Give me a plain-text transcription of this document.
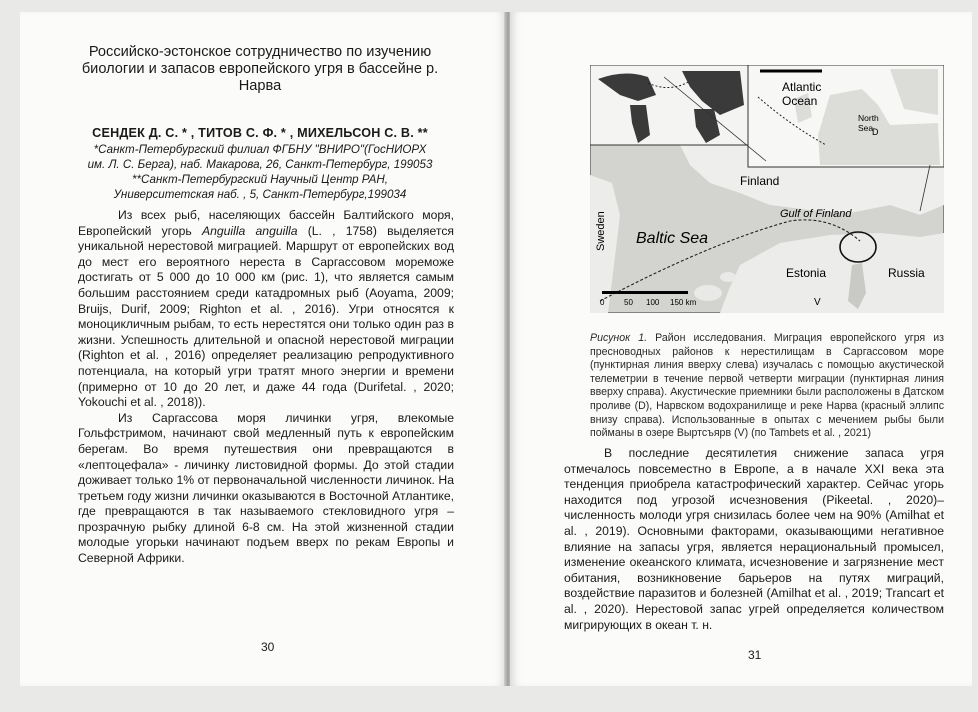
Российско-эстонское сотрудничество по изучению биологии и запасов европейского угря в бассейне р. Нарва
СЕНДЕК Д. С. * , ТИТОВ С. Ф. * , МИХЕЛЬСОН С. В. **
*Санкт-Петербургский филиал ФГБНУ "ВНИРО"(ГосНИОРХ
им. Л. С. Берга), наб. Макарова, 26, Санкт-Петербург, 199053
**Санкт-Петербургский Научный Центр РАН,
Университетская наб. , 5, Санкт-Петербург,199034

Из всех рыб, населяющих бассейн Балтийского моря, Европейский угорь Anguilla anguilla (L. , 1758) выделяется уникальной нерестовой миграцией. Маршрут от европейских вод до мест его вероятного нереста в Саргассовом мореможе достигать от 5 000 до 10 000 км (рис. 1), что является самым большим расстоянием среди катадромных рыб (Aoyama, 2009; Bruijs, Durif, 2009; Righton et al. , 2016). Угри относятся к моноцикличным рыбам, то есть нерестятся они только один раз в жизни. Успешность длительной и опасной нерестовой миграции (Righton et al. , 2016) определяет реализацию репродуктивного потенциала, на который угри тратят много энергии и времени (примерно от 10 до 20 лет, и даже 44 года (Durifetal. , 2020; Yokouchi et al. , 2018)).

Из Саргассова моря личинки угря, влекомые Гольфстримом, начинают свой медленный путь к европейским берегам. Во время путешествия они превращаются в «лептоцефала» - личинку листовидной формы. До этой стадии доживает только 1% от первоначальной численности личинок. На третьем году жизни личинки оказываются в Восточной Атлантике, где превращаются в так называемого стекловидного угря – прозрачную рыбку длиной 6-8 см. На этой жизненной стадии молодые угорьки начинают подъем вверх по рекам Европы и Северной Африки.

30
Atlantic
Ocean
North
Sea
Finland
Gulf of Finland
Baltic Sea
Sweden
Estonia	Russia
V
D
0 50 100 150 km

Рисунок 1. Район исследования. Миграция европейского угря из пресноводных районов к нерестилищам в Саргассовом море (пунктирная линия вверху слева) изучалась с помощью акустической телеметрии в течение первой четверти миграции (пунктирная линия вверху справа). Акустические приемники были расположены в Датском проливе (D), Нарвском водохранилище и реке Нарва (красный эллипс внизу справа). Использованные в опытах с мечением рыбы были пойманы в озере Выртсъярв (V) (по Tambets et al. , 2021)

В последние десятилетия снижение запаса угря отмечалось повсеместно в Европе, а в начале XXI века эта тенденция приобрела катастрофический характер. Сейчас угорь находится под угрозой исчезновения (Pikeetal. , 2020)– численность молоди угря снизилась более чем на 90% (Amilhat et al. , 2019). Основными факторами, оказывающими негативное влияние на запасы угря, является нерациональный промысел, изменение океанского климата, исчезновение и загрязнение мест обитания, возникновение барьеров на путях миграций, воздействие паразитов и болезней (Amilhat et al. , 2019; Trancart et al. , 2020). Нерестовой запас угрей определяется количеством мигрирующих в океан т. н.

31
